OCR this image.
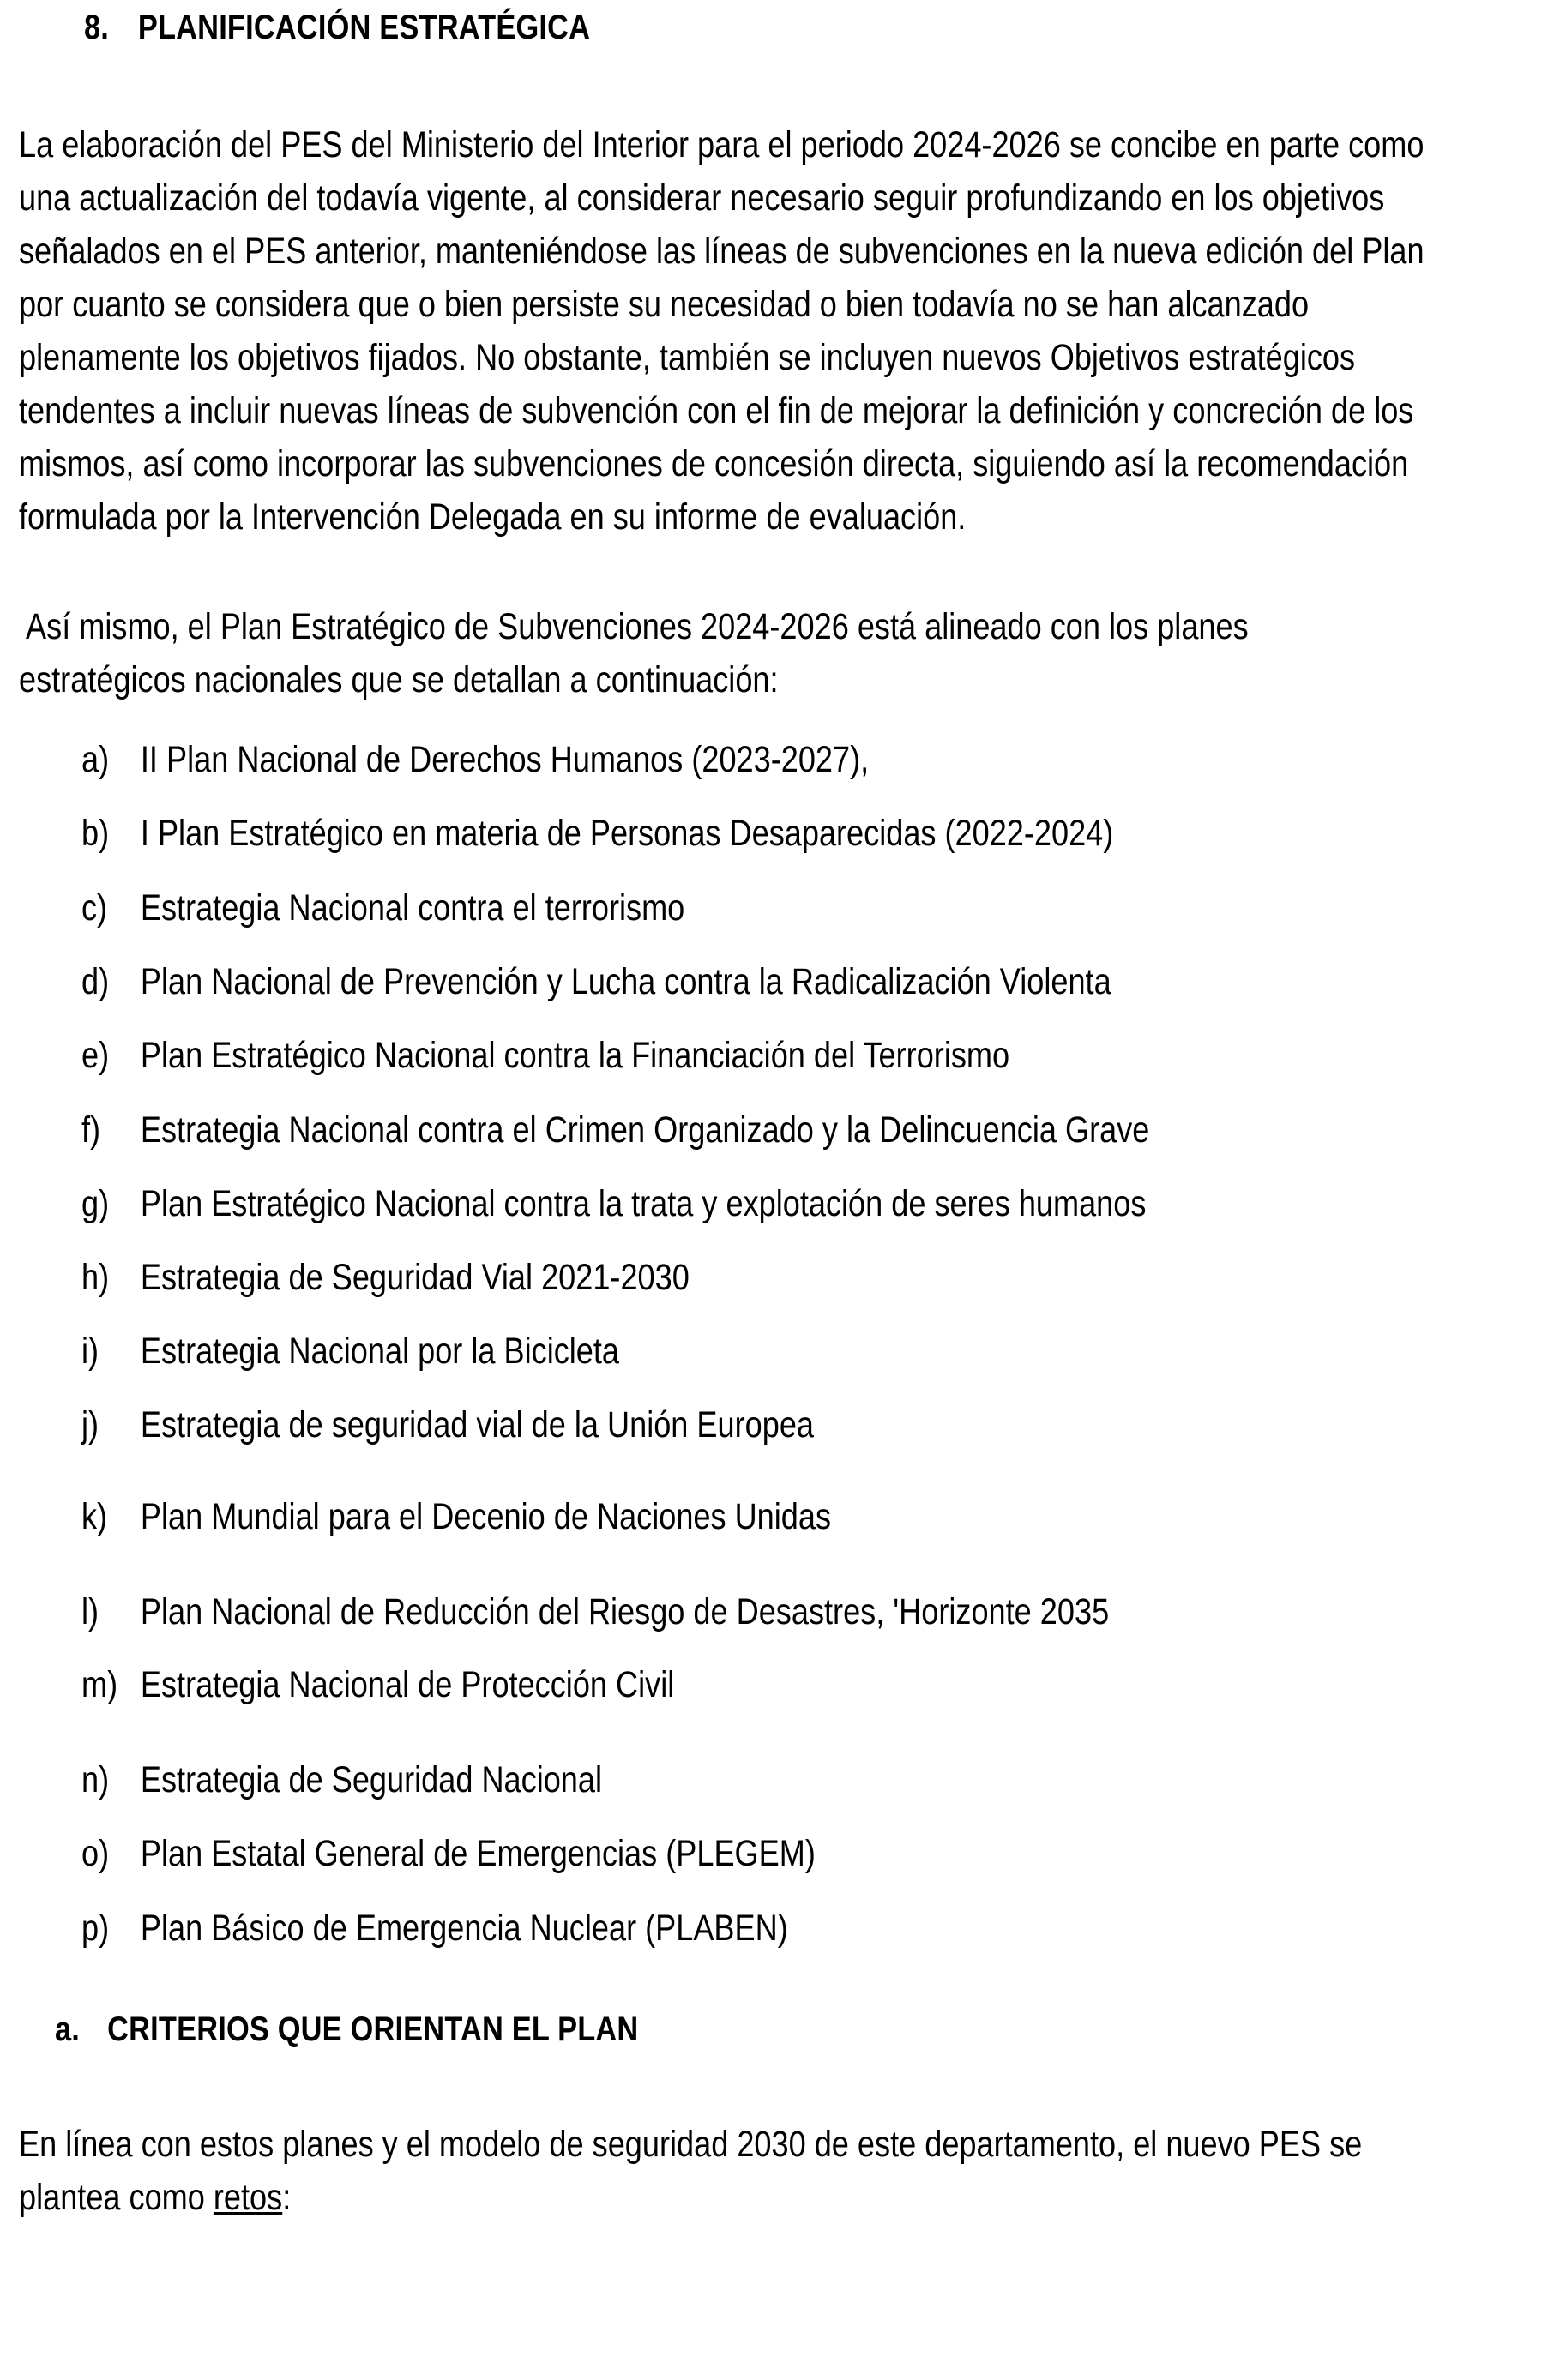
8. PLANIFICACIÓN ESTRATÉGICA
La elaboración del PES del Ministerio del Interior para el periodo 2024-2026 se concibe en parte como
una actualización del todavía vigente, al considerar necesario seguir profundizando en los objetivos
señalados en el PES anterior, manteniéndose las líneas de subvenciones en la nueva edición del Plan
por cuanto se considera que o bien persiste su necesidad o bien todavía no se han alcanzado
plenamente los objetivos fijados. No obstante, también se incluyen nuevos Objetivos estratégicos
tendentes a incluir nuevas líneas de subvención con el fin de mejorar la definición y concreción de los
mismos, así como incorporar las subvenciones de concesión directa, siguiendo así la recomendación
formulada por la Intervención Delegada en su informe de evaluación.
Así mismo, el Plan Estratégico de Subvenciones 2024-2026 está alineado con los planes
estratégicos nacionales que se detallan a continuación:
a) II Plan Nacional de Derechos Humanos (2023-2027),
b) I Plan Estratégico en materia de Personas Desaparecidas (2022-2024)
c) Estrategia Nacional contra el terrorismo
d) Plan Nacional de Prevención y Lucha contra la Radicalización Violenta
e) Plan Estratégico Nacional contra la Financiación del Terrorismo
f) Estrategia Nacional contra el Crimen Organizado y la Delincuencia Grave
g) Plan Estratégico Nacional contra la trata y explotación de seres humanos
h) Estrategia de Seguridad Vial 2021-2030
i) Estrategia Nacional por la Bicicleta
j) Estrategia de seguridad vial de la Unión Europea
k) Plan Mundial para el Decenio de Naciones Unidas
l) Plan Nacional de Reducción del Riesgo de Desastres, 'Horizonte 2035
m) Estrategia Nacional de Protección Civil
n) Estrategia de Seguridad Nacional
o) Plan Estatal General de Emergencias (PLEGEM)
p) Plan Básico de Emergencia Nuclear (PLABEN)
a. CRITERIOS QUE ORIENTAN EL PLAN
En línea con estos planes y el modelo de seguridad 2030 de este departamento, el nuevo PES se
plantea como retos:
